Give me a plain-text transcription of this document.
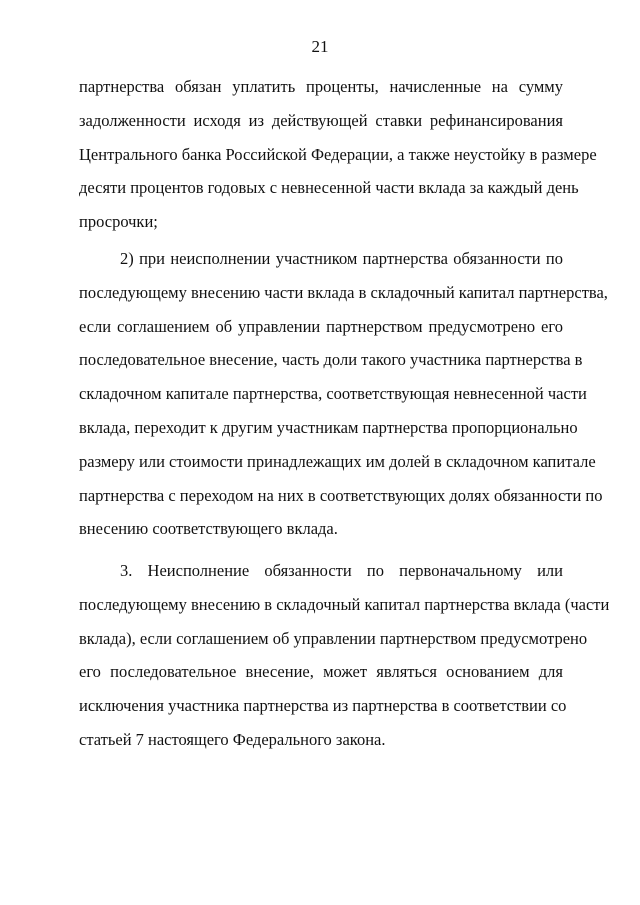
21
партнерства обязан уплатить проценты, начисленные на сумму
задолженности исходя из действующей ставки рефинансирования
Центрального банка Российской Федерации, а также неустойку в размере
десяти процентов годовых с невнесенной части вклада за каждый день
просрочки;
2) при неисполнении участником партнерства обязанности по
последующему внесению части вклада в складочный капитал партнерства,
если соглашением об управлении партнерством предусмотрено его
последовательное внесение, часть доли такого участника партнерства в
складочном капитале партнерства, соответствующая невнесенной части
вклада, переходит к другим участникам партнерства пропорционально
размеру или стоимости принадлежащих им долей в складочном капитале
партнерства с переходом на них в соответствующих долях обязанности по
внесению соответствующего вклада.
3. Неисполнение обязанности по первоначальному или
последующему внесению в складочный капитал партнерства вклада (части
вклада), если соглашением об управлении партнерством предусмотрено
его последовательное внесение, может являться основанием для
исключения участника партнерства из партнерства в соответствии со
статьей 7 настоящего Федерального закона.
